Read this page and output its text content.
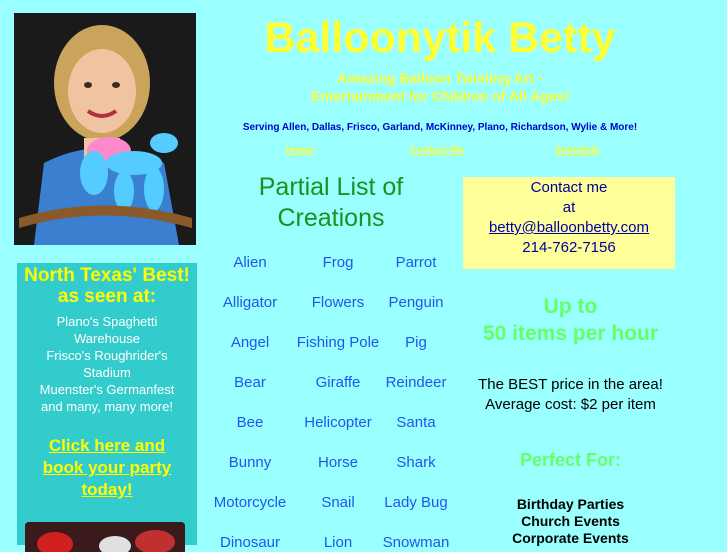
Balloonytik Betty
Amazing Balloon Twisting Art -
Entertainment for Children of All Ages!
Serving Allen, Dallas, Frisco, Garland, McKinney, Plano, Richardson, Wylie & More!
Home	Contact Me	Schedule
Partial List of
Creations
Alien	Frog	Parrot
Alligator	Flowers	Penguin
Angel	Fishing Pole	Pig
Bear	Giraffe	Reindeer
Bee	Helicopter	Santa
Bunny	Horse	Shark
Motorcycle	Snail	Lady Bug
Dinosaur	Lion	Snowman
North Texas' Best!
as seen at:
Plano's Spaghetti
Warehouse
Frisco's Roughrider's
Stadium
Muenster's Germanfest
and many, many more!
Click here and
book your party
today!
Contact me
at
betty@balloonbetty.com
214-762-7156
Up to
50 items per hour
The BEST price in the area!
Average cost: $2 per item
Perfect For:
Birthday Parties
Church Events
Corporate Events
